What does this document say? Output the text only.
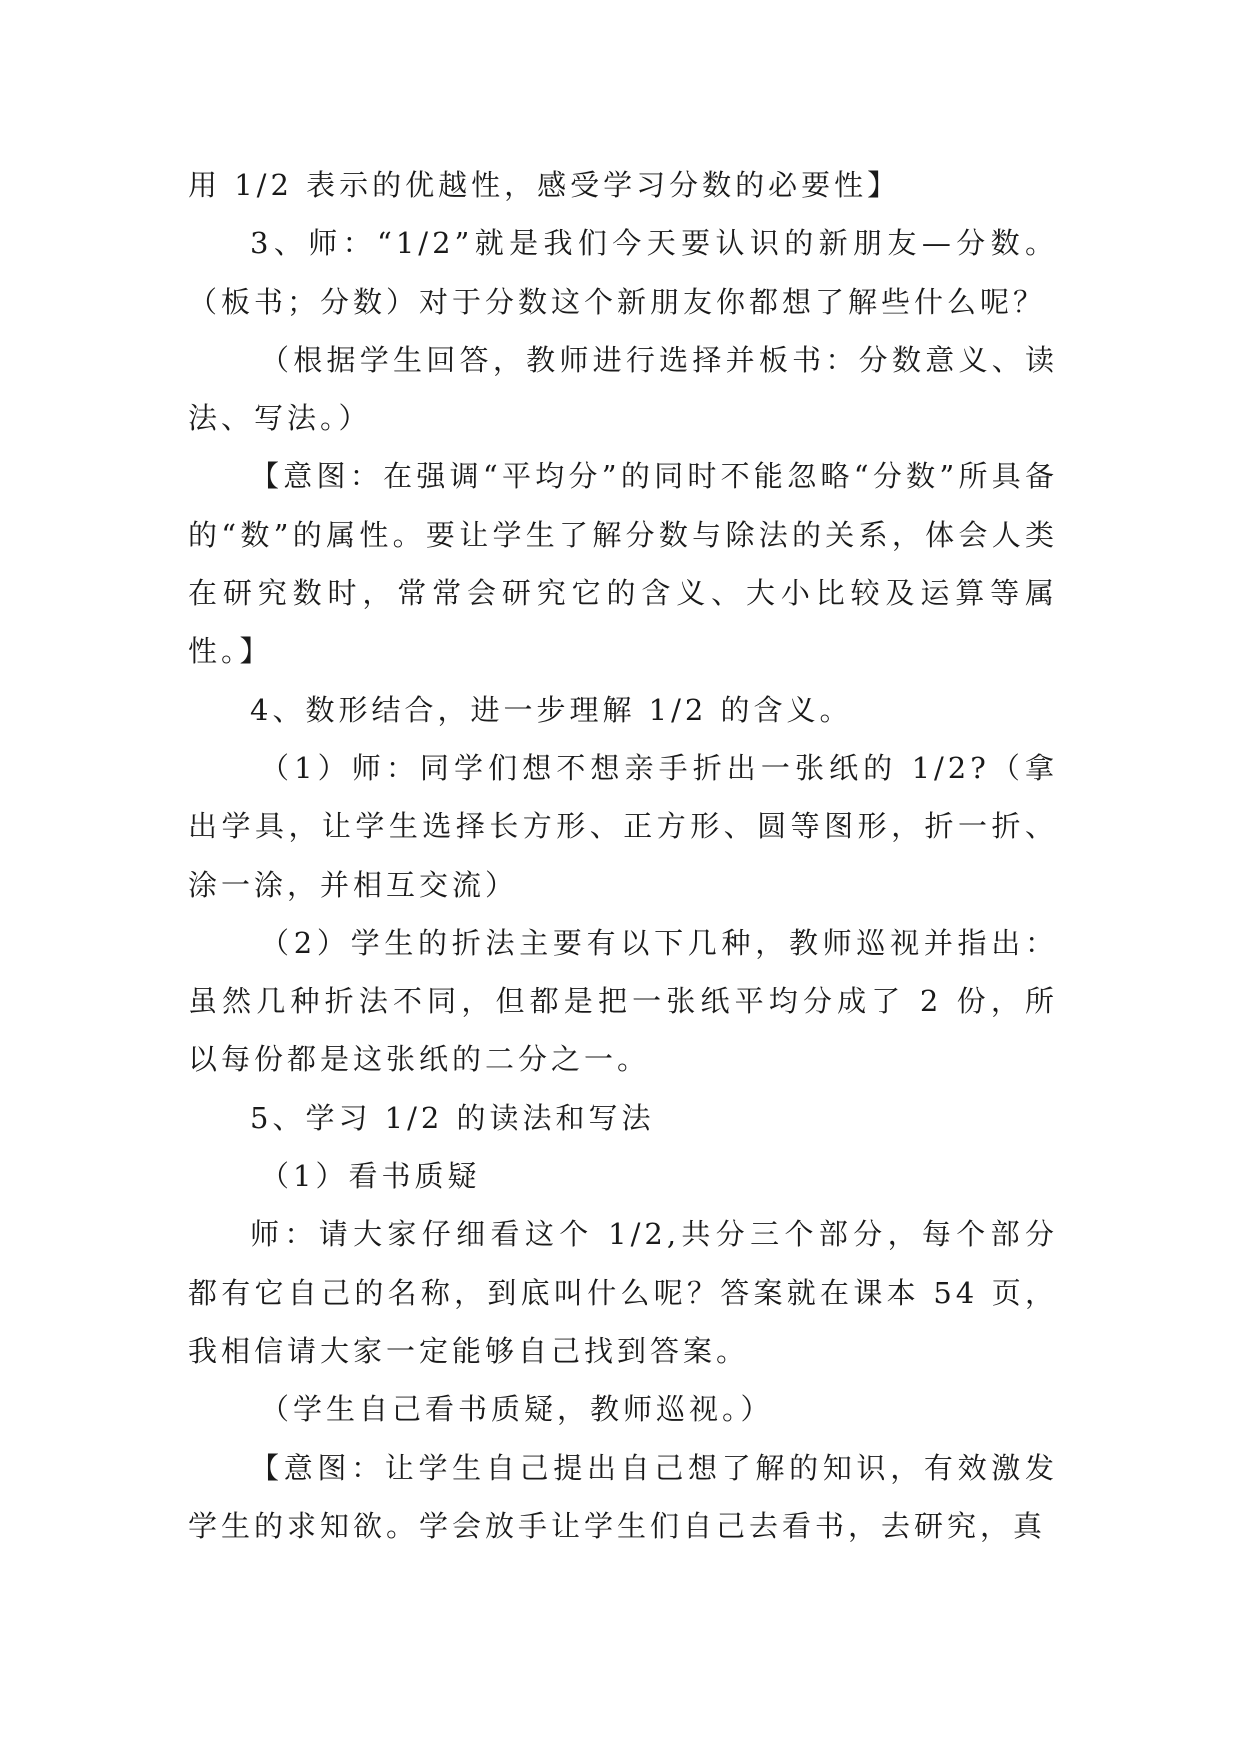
用 1/2 表示的优越性，感受学习分数的必要性】

3、师：“1/2”就是我们今天要认识的新朋友—分数。（板书；分数）对于分数这个新朋友你都想了解些什么呢？

（根据学生回答，教师进行选择并板书：分数意义、读法、写法。）

【意图：在强调“平均分”的同时不能忽略“分数”所具备的“数”的属性。要让学生了解分数与除法的关系，体会人类在研究数时，常常会研究它的含义、大小比较及运算等属性。】

4、数形结合，进一步理解 1/2 的含义。

（1）师：同学们想不想亲手折出一张纸的 1/2?（拿出学具，让学生选择长方形、正方形、圆等图形，折一折、涂一涂，并相互交流）

（2）学生的折法主要有以下几种，教师巡视并指出：虽然几种折法不同，但都是把一张纸平均分成了 2 份，所以每份都是这张纸的二分之一。

5、学习 1/2 的读法和写法

（1）看书质疑

师：请大家仔细看这个 1/2,共分三个部分，每个部分都有它自己的名称，到底叫什么呢？答案就在课本 54 页，我相信请大家一定能够自己找到答案。

（学生自己看书质疑，教师巡视。）

【意图：让学生自己提出自己想了解的知识，有效激发学生的求知欲。学会放手让学生们自己去看书，去研究，真
